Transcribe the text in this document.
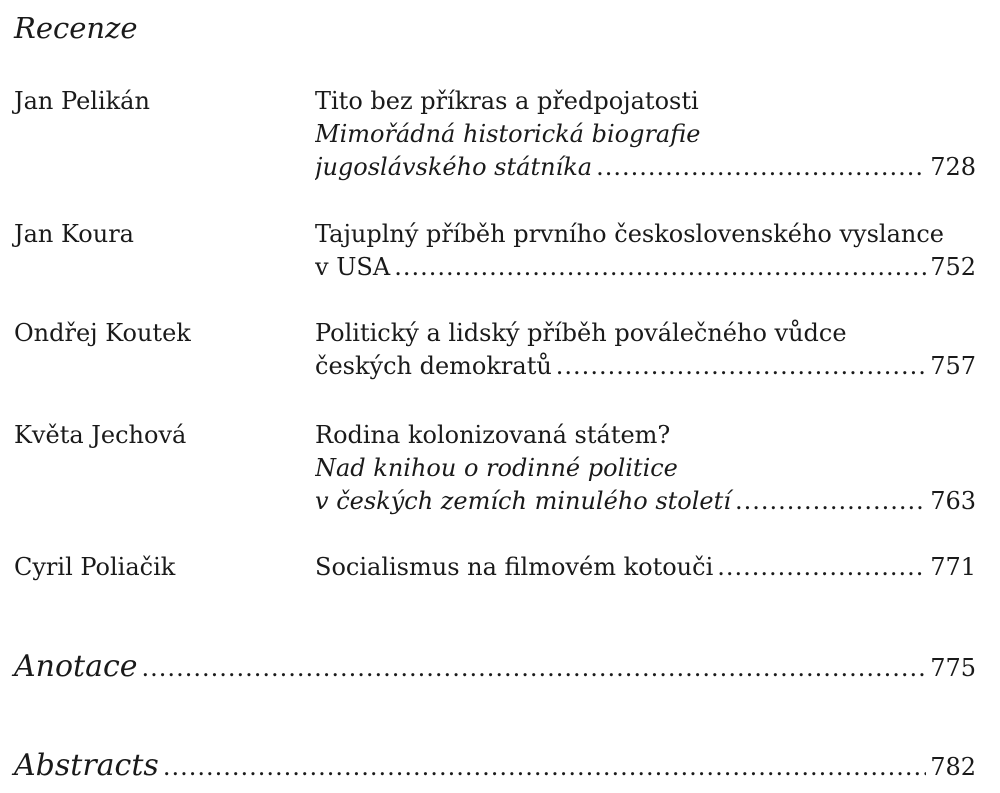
Recenze
Jan Pelikán	Tito bez příkras a předpojatosti
Mimořádná historická biografie
jugoslávského státníka .....	728
Jan Koura	Tajuplný příběh prvního československého vyslance
v USA .....	752
Ondřej Koutek	Politický a lidský příběh poválečného vůdce
českých demokratů .....	757
Květa Jechová	Rodina kolonizovaná státem?
Nad knihou o rodinné politice
v českých zemích minulého století .....	763
Cyril Poliačik	Socialismus na filmovém kotouči .....	771
Anotace .....	775
Abstracts .....	782
